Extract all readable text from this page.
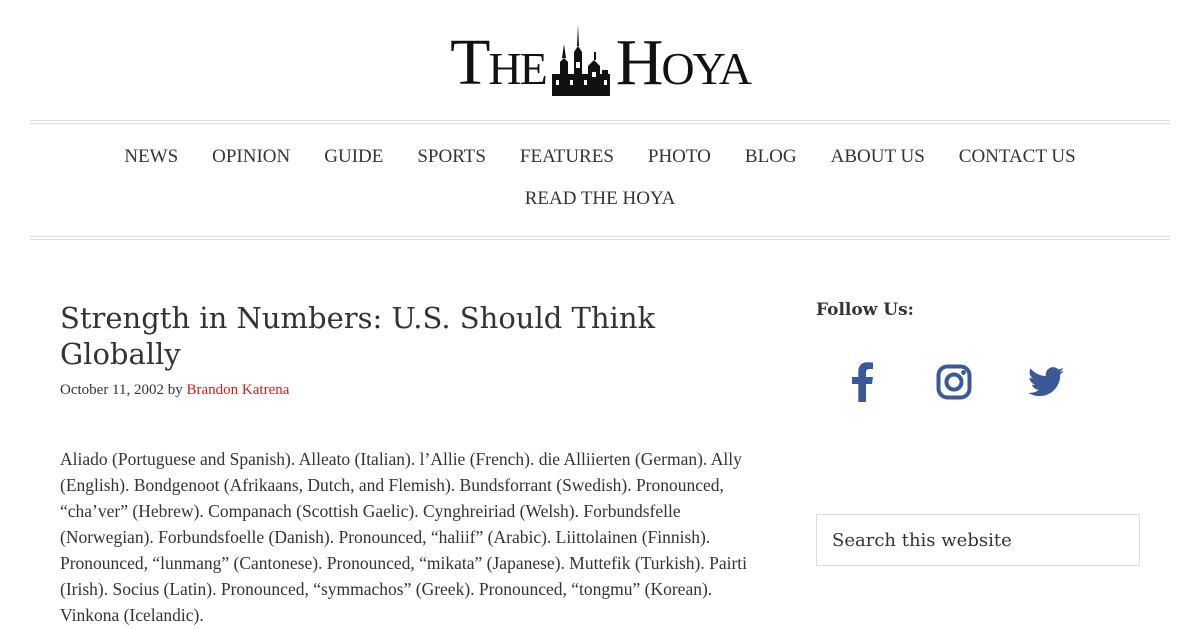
The Hoya
NEWS	OPINION	GUIDE	SPORTS	FEATURES	PHOTO	BLOG	ABOUT US	CONTACT US
READ THE HOYA
Strength in Numbers: U.S. Should Think Globally

October 11, 2002 by Brandon Katrena

Aliado (Portuguese and Spanish). Alleato (Italian). l’Allie (French). die Alliierten (German). Ally (English). Bondgenoot (Afrikaans, Dutch, and Flemish). Bundsforrant (Swedish). Pronounced, “cha’ver” (Hebrew). Companach (Scottish Gaelic). Cynghreiriad (Welsh). Forbundsfelle (Norwegian). Forbundsfoelle (Danish). Pronounced, “haliif” (Arabic). Liittolainen (Finnish). Pronounced, “lunmang” (Cantonese). Pronounced, “mikata” (Japanese). Muttefik (Turkish). Pairti (Irish). Socius (Latin). Pronounced, “symmachos” (Greek). Pronounced, “tongmu” (Korean). Vinkona (Icelandic).

Follow Us:
Search this website
